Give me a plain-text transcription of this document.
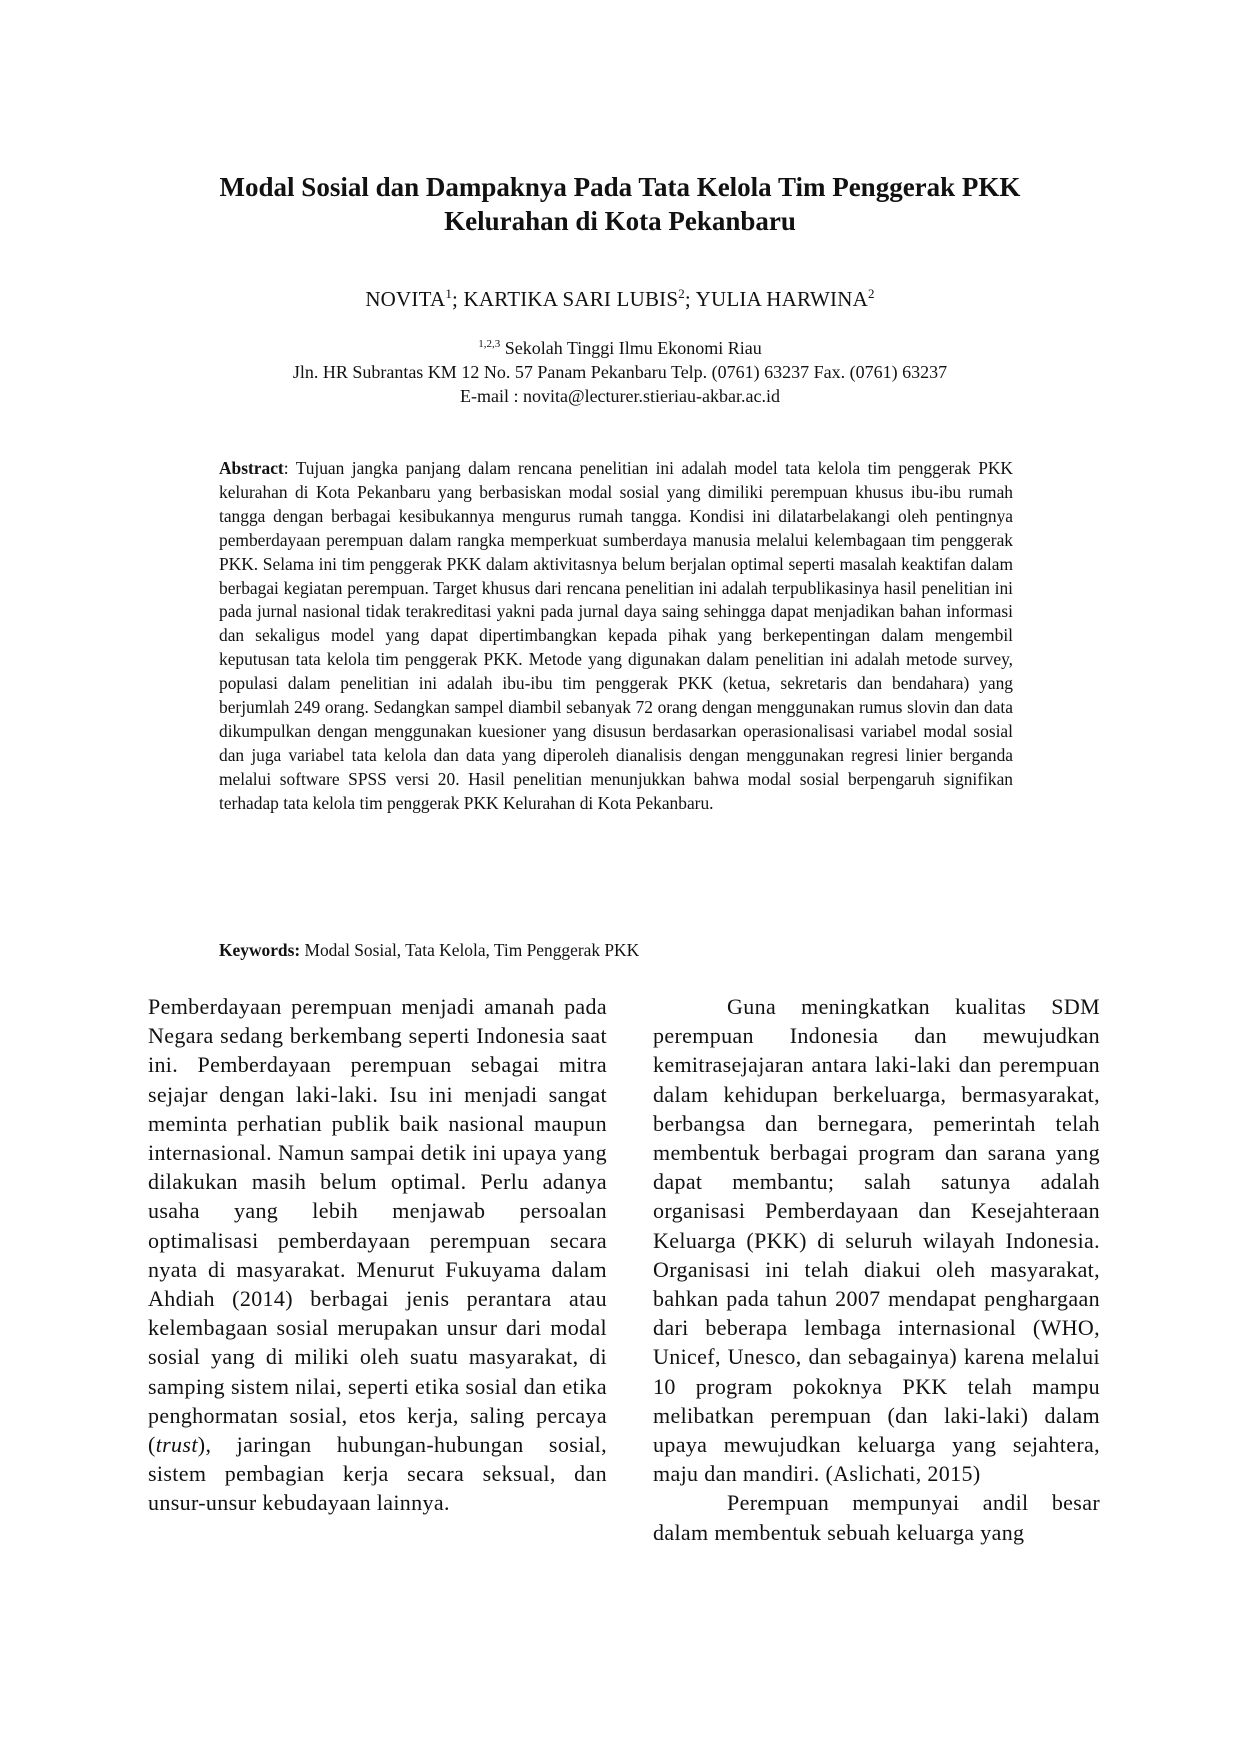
Modal Sosial dan Dampaknya Pada Tata Kelola Tim Penggerak PKK
Kelurahan di Kota Pekanbaru
NOVITA$^1$; KARTIKA SARI LUBIS$^2$; YULIA HARWINA$^2$
$^{1,2,3}$ Sekolah Tinggi Ilmu Ekonomi Riau
Jln. HR Subrantas KM 12 No. 57 Panam Pekanbaru Telp. (0761) 63237 Fax. (0761) 63237
E-mail : novita@lecturer.stieriau-akbar.ac.id
Abstract: Tujuan jangka panjang dalam rencana penelitian ini adalah model tata kelola tim penggerak PKK kelurahan di Kota Pekanbaru yang berbasiskan modal sosial yang dimiliki perempuan khusus ibu-ibu rumah tangga dengan berbagai kesibukannya mengurus rumah tangga. Kondisi ini dilatarbelakangi oleh pentingnya pemberdayaan perempuan dalam rangka memperkuat sumberdaya manusia melalui kelembagaan tim penggerak PKK. Selama ini tim penggerak PKK dalam aktivitasnya belum berjalan optimal seperti masalah keaktifan dalam berbagai kegiatan perempuan. Target khusus dari rencana penelitian ini adalah terpublikasinya hasil penelitian ini pada jurnal nasional tidak terakreditasi yakni pada jurnal daya saing sehingga dapat menjadikan bahan informasi dan sekaligus model yang dapat dipertimbangkan kepada pihak yang berkepentingan dalam mengembil keputusan tata kelola tim penggerak PKK. Metode yang digunakan dalam penelitian ini adalah metode survey, populasi dalam penelitian ini adalah ibu-ibu tim penggerak PKK (ketua, sekretaris dan bendahara) yang berjumlah 249 orang. Sedangkan sampel diambil sebanyak 72 orang dengan menggunakan rumus slovin dan data dikumpulkan dengan menggunakan kuesioner yang disusun berdasarkan operasionalisasi variabel modal sosial dan juga variabel tata kelola dan data yang diperoleh dianalisis dengan menggunakan regresi linier berganda melalui software SPSS versi 20. Hasil penelitian menunjukkan bahwa modal sosial berpengaruh signifikan terhadap tata kelola tim penggerak PKK Kelurahan di Kota Pekanbaru.
Keywords: Modal Sosial, Tata Kelola, Tim Penggerak PKK

Pemberdayaan perempuan menjadi amanah pada Negara sedang berkembang seperti Indonesia saat ini. Pemberdayaan perempuan sebagai mitra sejajar dengan laki-laki. Isu ini menjadi sangat meminta perhatian publik baik nasional maupun internasional. Namun sampai detik ini upaya yang dilakukan masih belum optimal. Perlu adanya usaha yang lebih menjawab persoalan optimalisasi pemberdayaan perempuan secara nyata di masyarakat. Menurut Fukuyama dalam Ahdiah (2014) berbagai jenis perantara atau kelembagaan sosial merupakan unsur dari modal sosial yang di miliki oleh suatu masyarakat, di samping sistem nilai, seperti etika sosial dan etika penghormatan sosial, etos kerja, saling percaya (trust), jaringan hubungan-hubungan sosial, sistem pembagian kerja secara seksual, dan unsur-unsur kebudayaan lainnya.

Guna meningkatkan kualitas SDM perempuan Indonesia dan mewujudkan kemitrasejajaran antara laki-laki dan perempuan dalam kehidupan berkeluarga, bermasyarakat, berbangsa dan bernegara, pemerintah telah membentuk berbagai program dan sarana yang dapat membantu; salah satunya adalah organisasi Pemberdayaan dan Kesejahteraan Keluarga (PKK) di seluruh wilayah Indonesia. Organisasi ini telah diakui oleh masyarakat, bahkan pada tahun 2007 mendapat penghargaan dari beberapa lembaga internasional (WHO, Unicef, Unesco, dan sebagainya) karena melalui 10 program pokoknya PKK telah mampu melibatkan perempuan (dan laki-laki) dalam upaya mewujudkan keluarga yang sejahtera, maju dan mandiri. (Aslichati, 2015)

Perempuan mempunyai andil besar dalam membentuk sebuah keluarga yang
